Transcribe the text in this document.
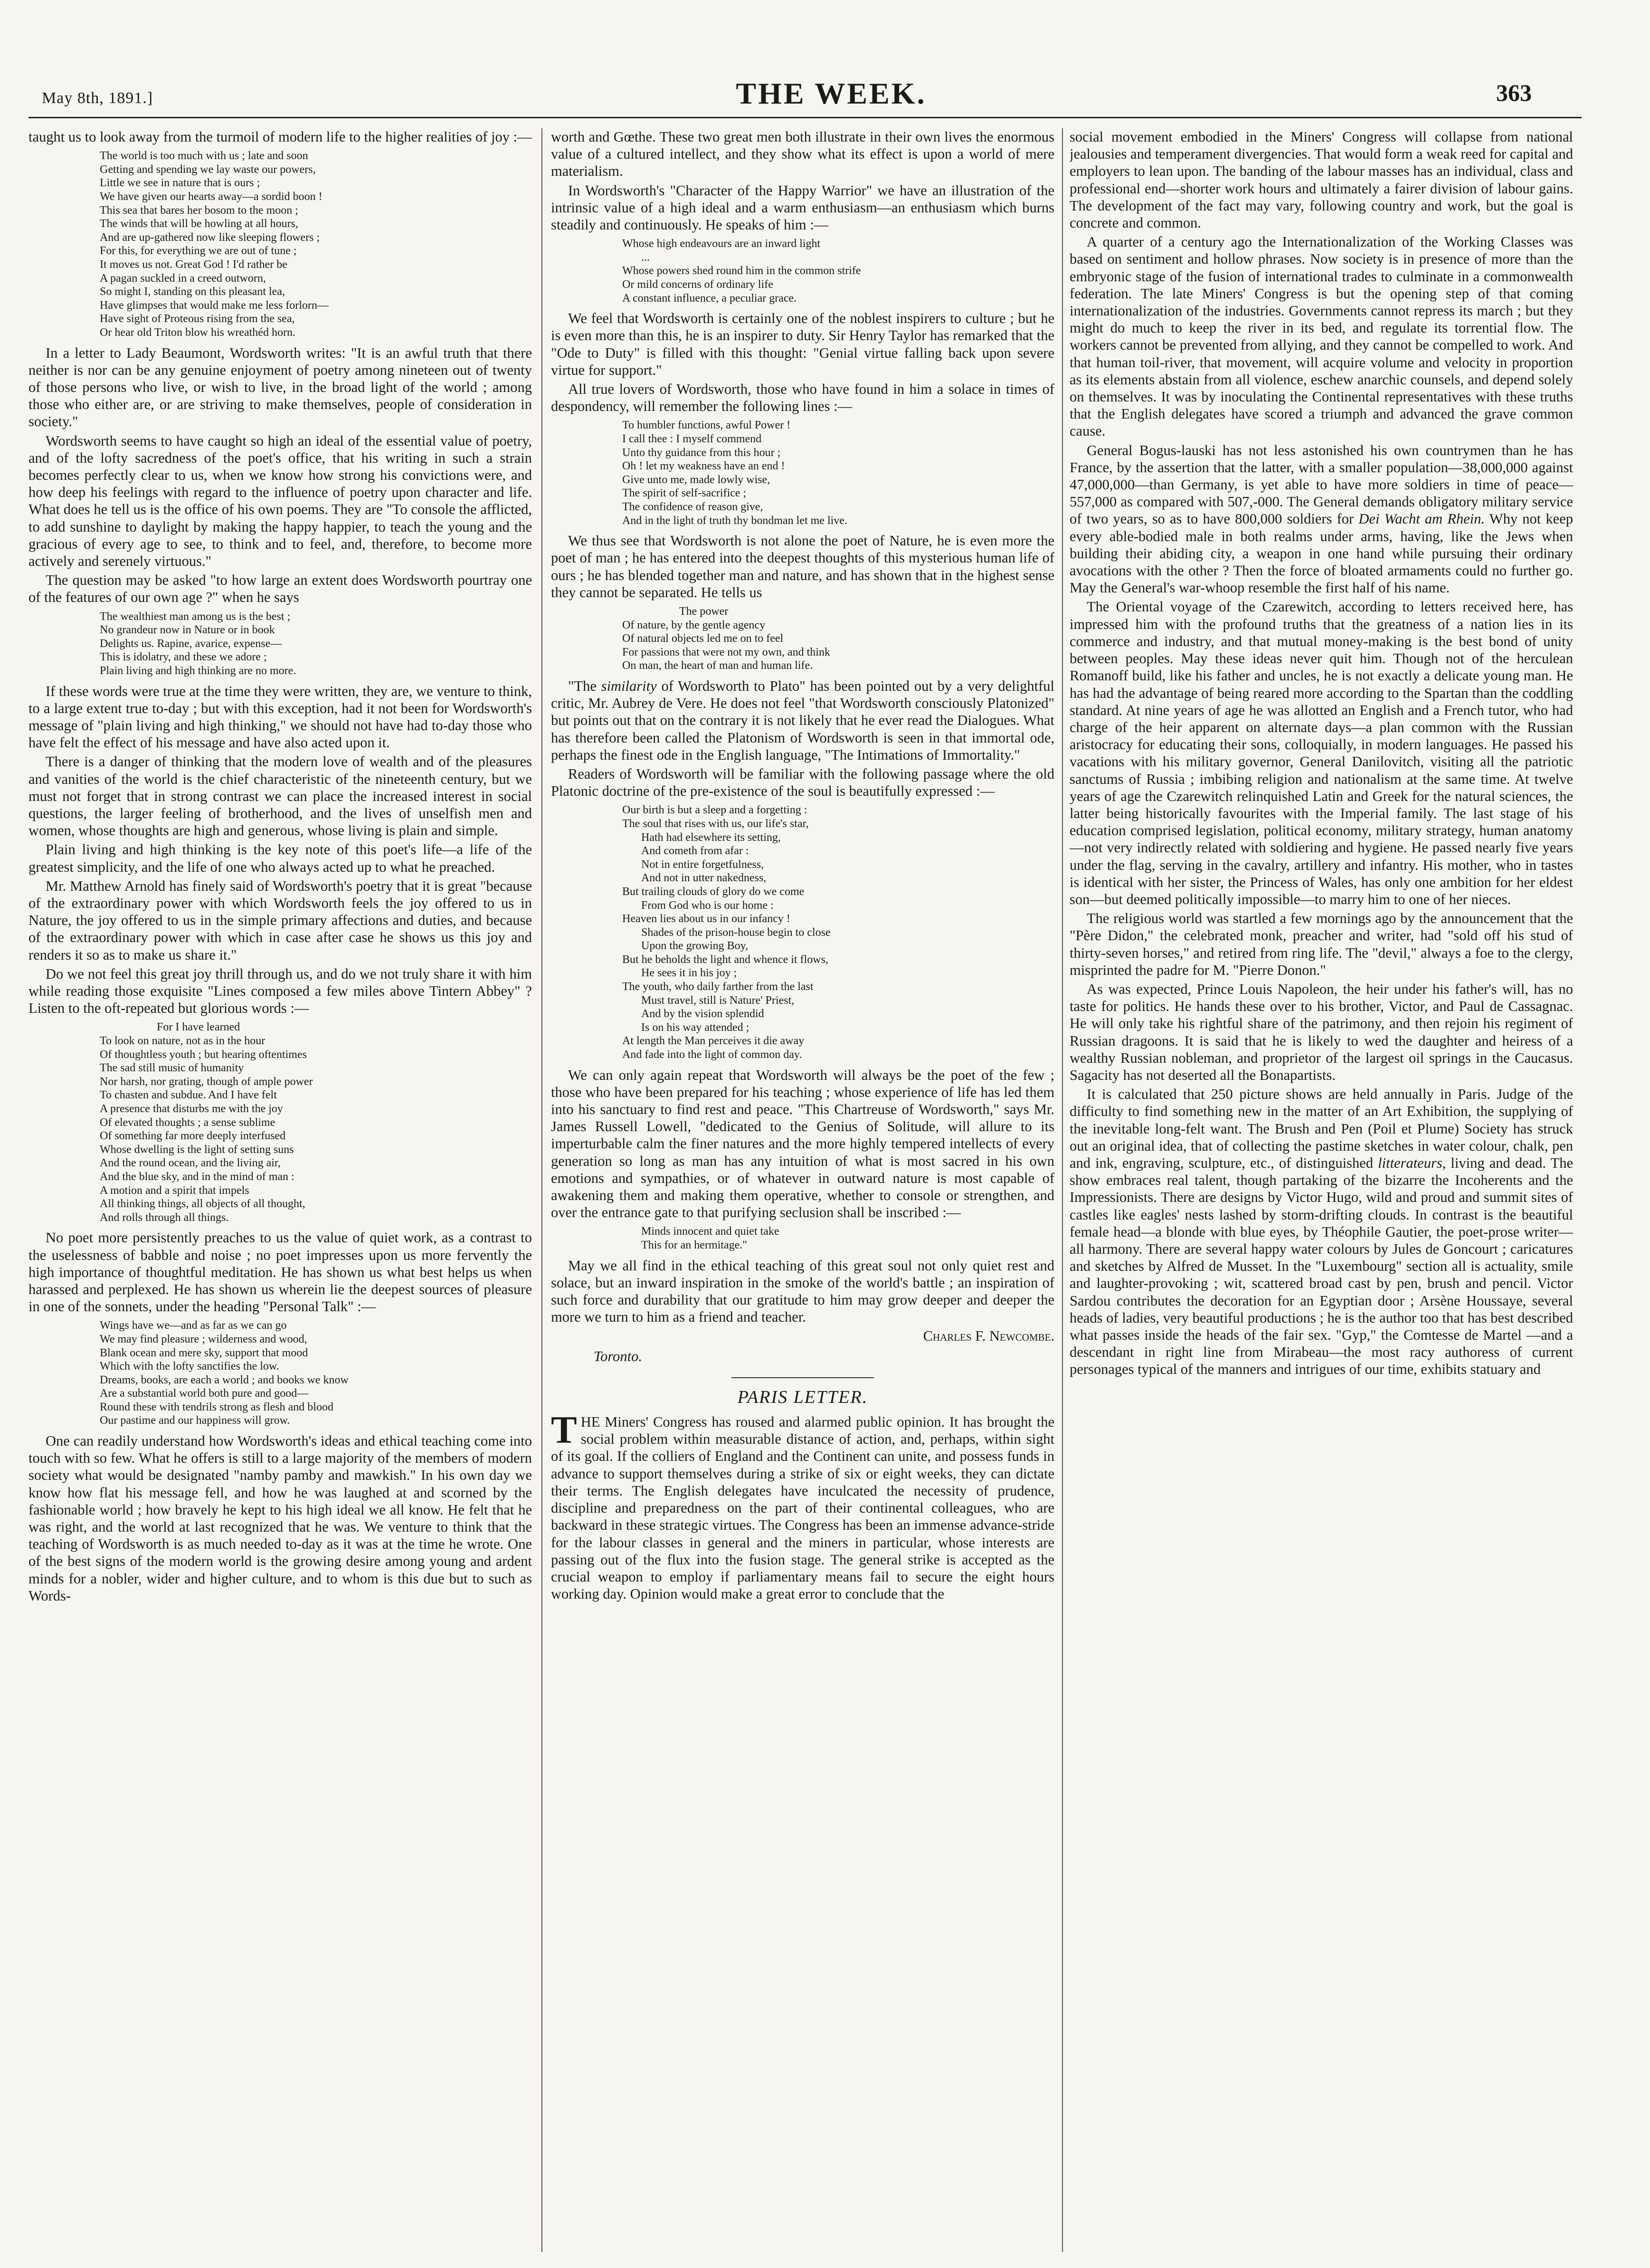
May 8th, 1891.]	THE WEEK.	363

taught us to look away from the turmoil of modern life to the higher realities of joy :—

The world is too much with us ; late and soon
Getting and spending we lay waste our powers,
Little we see in nature that is ours ;
We have given our hearts away—a sordid boon !
This sea that bares her bosom to the moon ;
The winds that will be howling at all hours,
And are up-gathered now like sleeping flowers ;
For this, for everything we are out of tune ;
It moves us not. Great God ! I'd rather be
A pagan suckled in a creed outworn,
So might I, standing on this pleasant lea,
Have glimpses that would make me less forlorn—
Have sight of Proteous rising from the sea,
Or hear old Triton blow his wreathéd horn.

In a letter to Lady Beaumont, Wordsworth writes: "It is an awful truth that there neither is nor can be any genuine enjoyment of poetry among nineteen out of twenty of those persons who live, or wish to live, in the broad light of the world ; among those who either are, or are striving to make themselves, people of consideration in society."

Wordsworth seems to have caught so high an ideal of the essential value of poetry, and of the lofty sacredness of the poet's office, that his writing in such a strain becomes perfectly clear to us, when we know how strong his convictions were, and how deep his feelings with regard to the influence of poetry upon character and life. What does he tell us is the office of his own poems. They are "To console the afflicted, to add sunshine to daylight by making the happy happier, to teach the young and the gracious of every age to see, to think and to feel, and, therefore, to become more actively and serenely virtuous."

The question may be asked "to how large an extent does Wordsworth pourtray one of the features of our own age ?" when he says

The wealthiest man among us is the best ;
No grandeur now in Nature or in book
Delights us. Rapine, avarice, expense—
This is idolatry, and these we adore ;
Plain living and high thinking are no more.

If these words were true at the time they were written, they are, we venture to think, to a large extent true to-day ; but with this exception, had it not been for Wordsworth's message of "plain living and high thinking," we should not have had to-day those who have felt the effect of his message and have also acted upon it.

There is a danger of thinking that the modern love of wealth and of the pleasures and vanities of the world is the chief characteristic of the nineteenth century, but we must not forget that in strong contrast we can place the increased interest in social questions, the larger feeling of brotherhood, and the lives of unselfish men and women, whose thoughts are high and generous, whose living is plain and simple.

Plain living and high thinking is the key note of this poet's life—a life of the greatest simplicity, and the life of one who always acted up to what he preached.

Mr. Matthew Arnold has finely said of Wordsworth's poetry that it is great "because of the extraordinary power with which Wordsworth feels the joy offered to us in Nature, the joy offered to us in the simple primary affections and duties, and because of the extraordinary power with which in case after case he shows us this joy and renders it so as to make us share it."

Do we not feel this great joy thrill through us, and do we not truly share it with him while reading those exquisite "Lines composed a few miles above Tintern Abbey" ? Listen to the oft-repeated but glorious words :—

For I have learned
To look on nature, not as in the hour
Of thoughtless youth ; but hearing oftentimes
The sad still music of humanity
Nor harsh, nor grating, though of ample power
To chasten and subdue. And I have felt
A presence that disturbs me with the joy
Of elevated thoughts ; a sense sublime
Of something far more deeply interfused
Whose dwelling is the light of setting suns
And the round ocean, and the living air,
And the blue sky, and in the mind of man :
A motion and a spirit that impels
All thinking things, all objects of all thought,
And rolls through all things.

No poet more persistently preaches to us the value of quiet work, as a contrast to the uselessness of babble and noise ; no poet impresses upon us more fervently the high importance of thoughtful meditation. He has shown us what best helps us when harassed and perplexed. He has shown us wherein lie the deepest sources of pleasure in one of the sonnets, under the heading "Personal Talk" :—

Wings have we—and as far as we can go
We may find pleasure ; wilderness and wood,
Blank ocean and mere sky, support that mood
Which with the lofty sanctifies the low.
Dreams, books, are each a world ; and books we know
Are a substantial world both pure and good—
Round these with tendrils strong as flesh and blood
Our pastime and our happiness will grow.

One can readily understand how Wordsworth's ideas and ethical teaching come into touch with so few. What he offers is still to a large majority of the members of modern society what would be designated "namby pamby and mawkish." In his own day we know how flat his message fell, and how he was laughed at and scorned by the fashionable world ; how bravely he kept to his high ideal we all know. He felt that he was right, and the world at last recognized that he was. We venture to think that the teaching of Wordsworth is as much needed to-day as it was at the time he wrote. One of the best signs of the modern world is the growing desire among young and ardent minds for a nobler, wider and higher culture, and to whom is this due but to such as Words-

worth and Gœthe. These two great men both illustrate in their own lives the enormous value of a cultured intellect, and they show what its effect is upon a world of mere materialism.

In Wordsworth's "Character of the Happy Warrior" we have an illustration of the intrinsic value of a high ideal and a warm enthusiasm—an enthusiasm which burns steadily and continuously. He speaks of him :—

Whose high endeavours are an inward light
...
Whose powers shed round him in the common strife
Or mild concerns of ordinary life
A constant influence, a peculiar grace.

We feel that Wordsworth is certainly one of the noblest inspirers to culture ; but he is even more than this, he is an inspirer to duty. Sir Henry Taylor has remarked that the "Ode to Duty" is filled with this thought: "Genial virtue falling back upon severe virtue for support."

All true lovers of Wordsworth, those who have found in him a solace in times of despondency, will remember the following lines :—

To humbler functions, awful Power !
I call thee : I myself commend
Unto thy guidance from this hour ;
Oh ! let my weakness have an end !
Give unto me, made lowly wise,
The spirit of self-sacrifice ;
The confidence of reason give,
And in the light of truth thy bondman let me live.

We thus see that Wordsworth is not alone the poet of Nature, he is even more the poet of man ; he has entered into the deepest thoughts of this mysterious human life of ours ; he has blended together man and nature, and has shown that in the highest sense they cannot be separated. He tells us

The power
Of nature, by the gentle agency
Of natural objects led me on to feel
For passions that were not my own, and think
On man, the heart of man and human life.

"The similarity of Wordsworth to Plato" has been pointed out by a very delightful critic, Mr. Aubrey de Vere. He does not feel "that Wordsworth consciously Platonized" but points out that on the contrary it is not likely that he ever read the Dialogues. What has therefore been called the Platonism of Wordsworth is seen in that immortal ode, perhaps the finest ode in the English language, "The Intimations of Immortality."

Readers of Wordsworth will be familiar with the following passage where the old Platonic doctrine of the pre-existence of the soul is beautifully expressed :—

Our birth is but a sleep and a forgetting :
The soul that rises with us, our life's star,
Hath had elsewhere its setting,
And cometh from afar :
Not in entire forgetfulness,
And not in utter nakedness,
But trailing clouds of glory do we come
From God who is our home :
Heaven lies about us in our infancy !
Shades of the prison-house begin to close
Upon the growing Boy,
But he beholds the light and whence it flows,
He sees it in his joy ;
The youth, who daily farther from the last
Must travel, still is Nature' Priest,
And by the vision splendid
Is on his way attended ;
At length the Man perceives it die away
And fade into the light of common day.

We can only again repeat that Wordsworth will always be the poet of the few ; those who have been prepared for his teaching ; whose experience of life has led them into his sanctuary to find rest and peace. "This Chartreuse of Wordsworth," says Mr. James Russell Lowell, "dedicated to the Genius of Solitude, will allure to its imperturbable calm the finer natures and the more highly tempered intellects of every generation so long as man has any intuition of what is most sacred in his own emotions and sympathies, or of whatever in outward nature is most capable of awakening them and making them operative, whether to console or strengthen, and over the entrance gate to that purifying seclusion shall be inscribed :—

Minds innocent and quiet take
This for an hermitage."

May we all find in the ethical teaching of this great soul not only quiet rest and solace, but an inward inspiration in the smoke of the world's battle ; an inspiration of such force and durability that our gratitude to him may grow deeper and deeper the more we turn to him as a friend and teacher.

Charles F. Newcombe.

Toronto.

PARIS LETTER.

THE Miners' Congress has roused and alarmed public opinion. It has brought the social problem within measurable distance of action, and, perhaps, within sight of its goal. If the colliers of England and the Continent can unite, and possess funds in advance to support themselves during a strike of six or eight weeks, they can dictate their terms. The English delegates have inculcated the necessity of prudence, discipline and preparedness on the part of their continental colleagues, who are backward in these strategic virtues. The Congress has been an immense advance-stride for the labour classes in general and the miners in particular, whose interests are passing out of the flux into the fusion stage. The general strike is accepted as the crucial weapon to employ if parliamentary means fail to secure the eight hours working day. Opinion would make a great error to conclude that the

social movement embodied in the Miners' Congress will collapse from national jealousies and temperament divergencies. That would form a weak reed for capital and employers to lean upon. The banding of the labour masses has an individual, class and professional end—shorter work hours and ultimately a fairer division of labour gains. The development of the fact may vary, following country and work, but the goal is concrete and common.

A quarter of a century ago the Internationalization of the Working Classes was based on sentiment and hollow phrases. Now society is in presence of more than the embryonic stage of the fusion of international trades to culminate in a commonwealth federation. The late Miners' Congress is but the opening step of that coming internationalization of the industries. Governments cannot repress its march ; but they might do much to keep the river in its bed, and regulate its torrential flow. The workers cannot be prevented from allying, and they cannot be compelled to work. And that human toil-river, that movement, will acquire volume and velocity in proportion as its elements abstain from all violence, eschew anarchic counsels, and depend solely on themselves. It was by inoculating the Continental representatives with these truths that the English delegates have scored a triumph and advanced the grave common cause.

General Bogus-lauski has not less astonished his own countrymen than he has France, by the assertion that the latter, with a smaller population—38,000,000 against 47,000,000—than Germany, is yet able to have more soldiers in time of peace—557,000 as compared with 507,-000. The General demands obligatory military service of two years, so as to have 800,000 soldiers for Dei Wacht am Rhein. Why not keep every able-bodied male in both realms under arms, having, like the Jews when building their abiding city, a weapon in one hand while pursuing their ordinary avocations with the other ? Then the force of bloated armaments could no further go. May the General's war-whoop resemble the first half of his name.

The Oriental voyage of the Czarewitch, according to letters received here, has impressed him with the profound truths that the greatness of a nation lies in its commerce and industry, and that mutual money-making is the best bond of unity between peoples. May these ideas never quit him. Though not of the herculean Romanoff build, like his father and uncles, he is not exactly a delicate young man. He has had the advantage of being reared more according to the Spartan than the coddling standard. At nine years of age he was allotted an English and a French tutor, who had charge of the heir apparent on alternate days—a plan common with the Russian aristocracy for educating their sons, colloquially, in modern languages. He passed his vacations with his military governor, General Danilovitch, visiting all the patriotic sanctums of Russia ; imbibing religion and nationalism at the same time. At twelve years of age the Czarewitch relinquished Latin and Greek for the natural sciences, the latter being historically favourites with the Imperial family. The last stage of his education comprised legislation, political economy, military strategy, human anatomy—not very indirectly related with soldiering and hygiene. He passed nearly five years under the flag, serving in the cavalry, artillery and infantry. His mother, who in tastes is identical with her sister, the Princess of Wales, has only one ambition for her eldest son—but deemed politically impossible—to marry him to one of her nieces.

The religious world was startled a few mornings ago by the announcement that the "Père Didon," the celebrated monk, preacher and writer, had "sold off his stud of thirty-seven horses," and retired from ring life. The "devil," always a foe to the clergy, misprinted the padre for M. "Pierre Donon."

As was expected, Prince Louis Napoleon, the heir under his father's will, has no taste for politics. He hands these over to his brother, Victor, and Paul de Cassagnac. He will only take his rightful share of the patrimony, and then rejoin his regiment of Russian dragoons. It is said that he is likely to wed the daughter and heiress of a wealthy Russian nobleman, and proprietor of the largest oil springs in the Caucasus. Sagacity has not deserted all the Bonapartists.

It is calculated that 250 picture shows are held annually in Paris. Judge of the difficulty to find something new in the matter of an Art Exhibition, the supplying of the inevitable long-felt want. The Brush and Pen (Poil et Plume) Society has struck out an original idea, that of collecting the pastime sketches in water colour, chalk, pen and ink, engraving, sculpture, etc., of distinguished litterateurs, living and dead. The show embraces real talent, though partaking of the bizarre the Incoherents and the Impressionists. There are designs by Victor Hugo, wild and proud and summit sites of castles like eagles' nests lashed by storm-drifting clouds. In contrast is the beautiful female head—a blonde with blue eyes, by Théophile Gautier, the poet-prose writer—all harmony. There are several happy water colours by Jules de Goncourt ; caricatures and sketches by Alfred de Musset. In the "Luxembourg" section all is actuality, smile and laughter-provoking ; wit, scattered broad cast by pen, brush and pencil. Victor Sardou contributes the decoration for an Egyptian door ; Arsène Houssaye, several heads of ladies, very beautiful productions ; he is the author too that has best described what passes inside the heads of the fair sex. "Gyp," the Comtesse de Martel —and a descendant in right line from Mirabeau—the most racy authoress of current personages typical of the manners and intrigues of our time, exhibits statuary and
